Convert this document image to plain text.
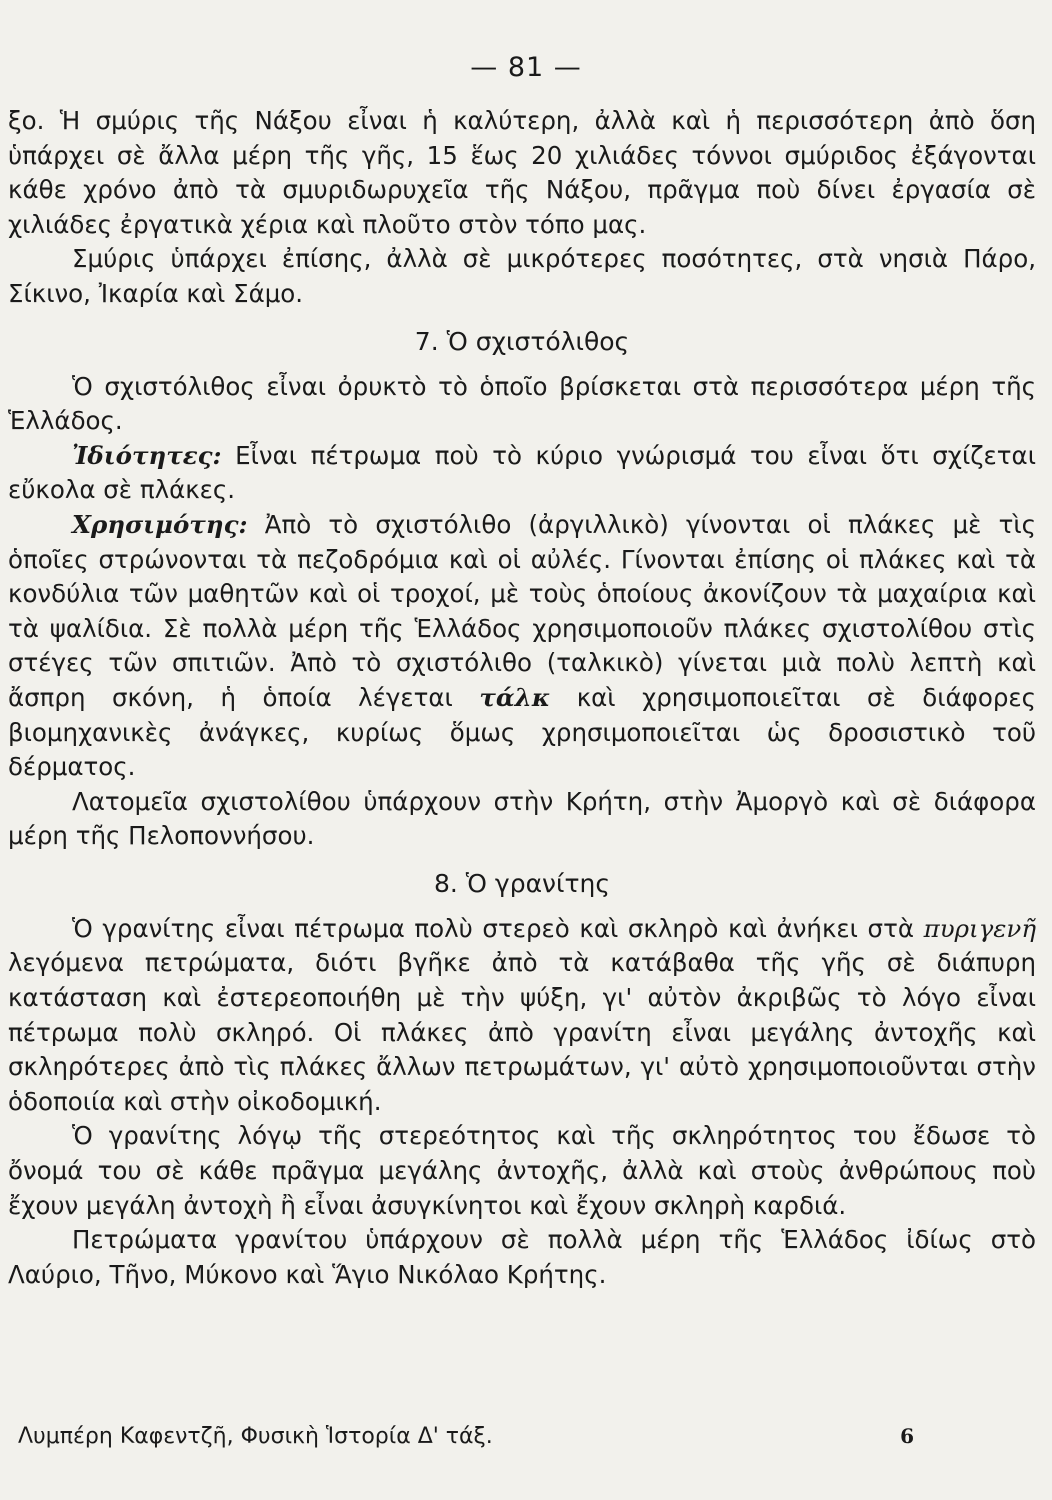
— 81 —

ξο. Ἡ σμύρις τῆς Νάξου εἶναι ἡ καλύτερη, ἀλλὰ καὶ ἡ περισσότερη ἀπὸ ὅση ὑπάρχει σὲ ἄλλα μέρη τῆς γῆς, 15 ἕως 20 χιλιάδες τόννοι σμύριδος ἐξάγονται κάθε χρόνο ἀπὸ τὰ σμυριδωρυχεῖα τῆς Νάξου, πρᾶγμα ποὺ δίνει ἐργασία σὲ χιλιάδες ἐργατικὰ χέρια καὶ πλοῦτο στὸν τόπο μας.

Σμύρις ὑπάρχει ἐπίσης, ἀλλὰ σὲ μικρότερες ποσότητες, στὰ νησιὰ Πάρο, Σίκινο, Ἰκαρία καὶ Σάμο.

7. Ὁ σχιστόλιθος

Ὁ σχιστόλιθος εἶναι ὀρυκτὸ τὸ ὁποῖο βρίσκεται στὰ περισσότερα μέρη τῆς Ἑλλάδος.

Ἰδιότητες: Εἶναι πέτρωμα ποὺ τὸ κύριο γνώρισμά του εἶναι ὅτι σχίζεται εὔκολα σὲ πλάκες.

Χρησιμότης: Ἀπὸ τὸ σχιστόλιθο (ἀργιλλικὸ) γίνονται οἱ πλάκες μὲ τὶς ὁποῖες στρώνονται τὰ πεζοδρόμια καὶ οἱ αὐλές. Γίνονται ἐπίσης οἱ πλάκες καὶ τὰ κονδύλια τῶν μαθητῶν καὶ οἱ τροχοί, μὲ τοὺς ὁποίους ἀκονίζουν τὰ μαχαίρια καὶ τὰ ψαλίδια. Σὲ πολλὰ μέρη τῆς Ἑλλάδος χρησιμοποιοῦν πλάκες σχιστολίθου στὶς στέγες τῶν σπιτιῶν. Ἀπὸ τὸ σχιστόλιθο (ταλκικὸ) γίνεται μιὰ πολὺ λεπτὴ καὶ ἄσπρη σκόνη, ἡ ὁποία λέγεται τάλκ καὶ χρησιμοποιεῖται σὲ διάφορες βιομηχανικὲς ἀνάγκες, κυρίως ὅμως χρησιμοποιεῖται ὡς δροσιστικὸ τοῦ δέρματος.

Λατομεῖα σχιστολίθου ὑπάρχουν στὴν Κρήτη, στὴν Ἀμοργὸ καὶ σὲ διάφορα μέρη τῆς Πελοποννήσου.

8. Ὁ γρανίτης

Ὁ γρανίτης εἶναι πέτρωμα πολὺ στερεὸ καὶ σκληρὸ καὶ ἀνήκει στὰ πυριγενῆ λεγόμενα πετρώματα, διότι βγῆκε ἀπὸ τὰ κατάβαθα τῆς γῆς σὲ διάπυρη κατάσταση καὶ ἐστερεοποιήθη μὲ τὴν ψύξη, γι' αὐτὸν ἀκριβῶς τὸ λόγο εἶναι πέτρωμα πολὺ σκληρό. Οἱ πλάκες ἀπὸ γρανίτη εἶναι μεγάλης ἀντοχῆς καὶ σκληρότερες ἀπὸ τὶς πλάκες ἄλλων πετρωμάτων, γι' αὐτὸ χρησιμοποιοῦνται στὴν ὁδοποιία καὶ στὴν οἰκοδομική.

Ὁ γρανίτης λόγῳ τῆς στερεότητος καὶ τῆς σκληρότητος του ἔδωσε τὸ ὄνομά του σὲ κάθε πρᾶγμα μεγάλης ἀντοχῆς, ἀλλὰ καὶ στοὺς ἀνθρώπους ποὺ ἔχουν μεγάλη ἀντοχὴ ἢ εἶναι ἀσυγκίνητοι καὶ ἔχουν σκληρὴ καρδιά.

Πετρώματα γρανίτου ὑπάρχουν σὲ πολλὰ μέρη τῆς Ἑλλάδος ἰδίως στὸ Λαύριο, Τῆνο, Μύκονο καὶ Ἅγιο Νικόλαο Κρήτης.

Λυμπέρη Καφεντζῆ, Φυσικὴ Ἱστορία Δ' τάξ.	6
